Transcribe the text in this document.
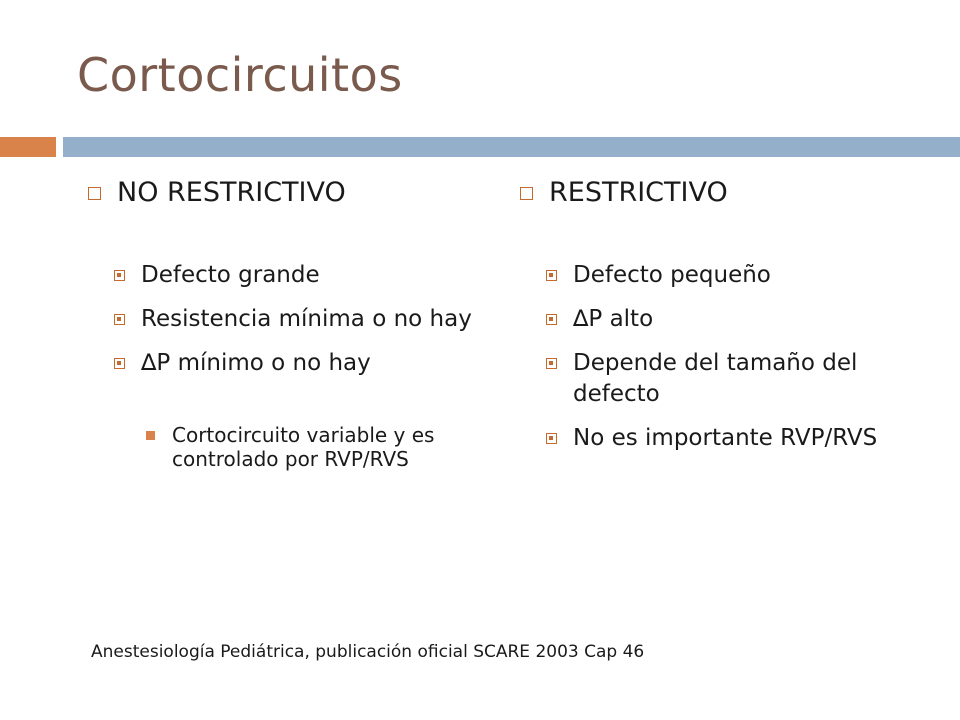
Cortocircuitos
NO RESTRICTIVO
Defecto grande
Resistencia mínima o no hay
∆P mínimo o no hay
Cortocircuito variable y es controlado por RVP/RVS
RESTRICTIVO
Defecto pequeño
∆P alto
Depende del tamaño del defecto
No es importante RVP/RVS
Anestesiología Pediátrica, publicación oficial SCARE 2003 Cap 46
